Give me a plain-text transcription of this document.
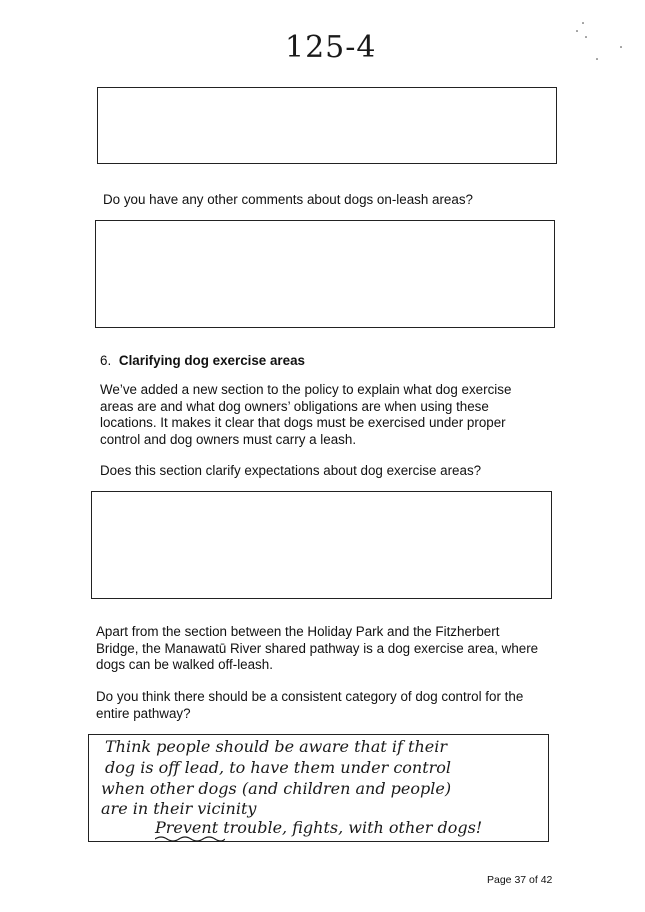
125-4
Do you have any other comments about dogs on-leash areas?
6. Clarifying dog exercise areas
We’ve added a new section to the policy to explain what dog exercise areas are and what dog owners’ obligations are when using these locations. It makes it clear that dogs must be exercised under proper control and dog owners must carry a leash.
Does this section clarify expectations about dog exercise areas?
Apart from the section between the Holiday Park and the Fitzherbert Bridge, the Manawatū River shared pathway is a dog exercise area, where dogs can be walked off-leash.
Do you think there should be a consistent category of dog control for the entire pathway?
Think people should be aware that if their
dog is off lead, to have them under control
when other dogs (and children and people)
are in their vicinity
Prevent trouble, fights, with other dogs!
Page 37 of 42
